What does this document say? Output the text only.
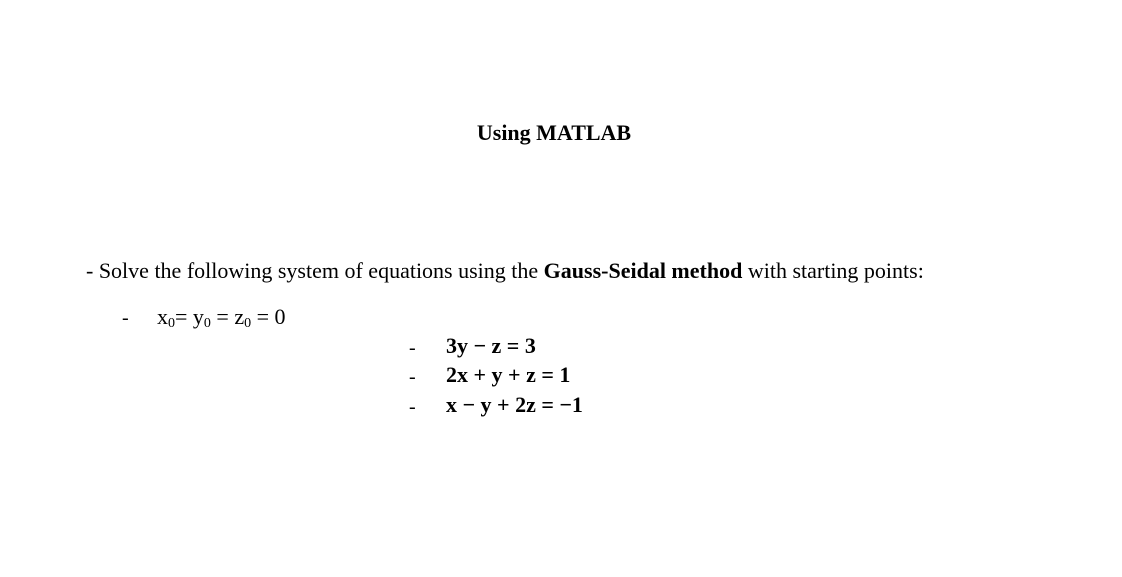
Using MATLAB
- Solve the following system of equations using the Gauss-Seidal method with starting points:
- $x_0= y_0 = z_0 = 0$
- 3y − z = 3
- 2x + y + z = 1
- x − y + 2z = −1
